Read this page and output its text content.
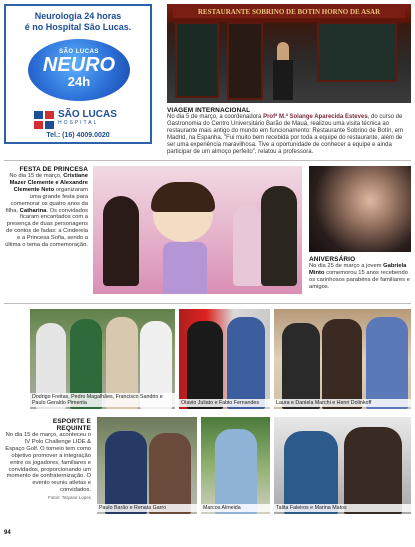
Neurologia 24 horas
é no Hospital São Lucas.
SÃO LUCAS
NEURO
24h
SÃO LUCAS
HOSPITAL
Tel.: (16) 4009.0020
RESTAURANTE SOBRINO DE BOTIN HORNO DE ASAR
VIAGEM INTERNACIONAL
No dia 5 de março, a coordenadora Profª M.ª Solange Aparecida Esteves, do curso de Gastronomia do Centro Universitário Barão de Mauá, realizou uma visita técnica ao restaurante mais antigo do mundo em funcionamento: Restaurante Sobrino de Botín, em Madrid, na Espanha. "Fui muito bem recebida por toda a equipe do restaurante, além de ser uma experiência maravilhosa. Tive a oportunidade de conhecer a equipe e ainda participar de um almoço perfeito", relatou a professora.
FESTA DE PRINCESA
No dia 15 de março, Cristiane Mazer Clemente e Alexandre Clemente Neto organizaram uma grande festa para comemorar os quatro anos da filha, Catharina. Os convidados ficaram encantados com a presença de duas personagens de contos de fadas: a Cinderela e a Princesa Sofia, sendo a última o tema da comemoração.
ANIVERSÁRIO
No dia 25 de março a jovem Gabriela Minto comemorou 15 anos recebendo os carinhosos parabéns de familiares e amigos.
Dodrigo Freitas, Pedro Magalhães, Francisco Sandrin e Paulo Geraldo Pimenta	Otavio Juliato e Fabio Fernandes	Laura e Daniela Marchi e Henri Dolinkoff
ESPORTE E
REQUINTE
No dia 15 de março, aconteceu o IV Polo Challenge LIDE & Espaço Golf. O torneio tem como objetivo promover a integração entre os jogadores, familiares e convidados, proporcionando um momento de confraternização. O evento reuniu atletas e convidados.
Fotos: Tatyane Lopes
Paulo Barão e Renata Garro	Marcos Almeida	Talita Faleiros e Marina Matos
94
